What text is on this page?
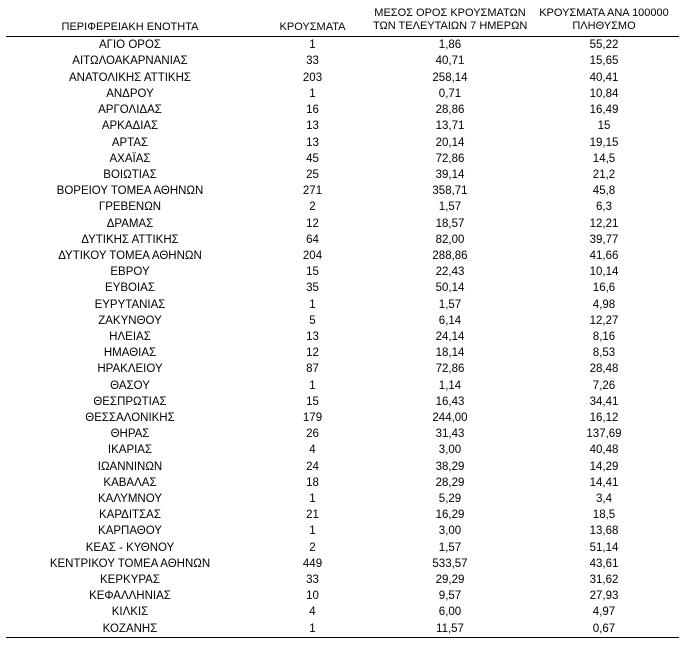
ΠΕΡΙΦΕΡΕΙΑΚΗ ΕΝΟΤΗΤΑ	ΚΡΟΥΣΜΑΤΑ	ΜΕΣΟΣ ΟΡΟΣ ΚΡΟΥΣΜΑΤΩΝ
ΤΩΝ ΤΕΛΕΥΤΑΙΩΝ 7 ΗΜΕΡΩΝ	ΚΡΟΥΣΜΑΤΑ ΑΝΑ 100000
ΠΛΗΘΥΣΜΟ

ΑΓΙΟ ΟΡΟΣ	1	1,86	55,22
ΑΙΤΩΛΟΑΚΑΡΝΑΝΙΑΣ	33	40,71	15,65
ΑΝΑΤΟΛΙΚΗΣ ΑΤΤΙΚΗΣ	203	258,14	40,41
ΑΝΔΡΟΥ	1	0,71	10,84
ΑΡΓΟΛΙΔΑΣ	16	28,86	16,49
ΑΡΚΑΔΙΑΣ	13	13,71	15
ΑΡΤΑΣ	13	20,14	19,15
ΑΧΑΪΑΣ	45	72,86	14,5
ΒΟΙΩΤΙΑΣ	25	39,14	21,2
ΒΟΡΕΙΟΥ ΤΟΜΕΑ ΑΘΗΝΩΝ	271	358,71	45,8
ΓΡΕΒΕΝΩΝ	2	1,57	6,3
ΔΡΑΜΑΣ	12	18,57	12,21
ΔΥΤΙΚΗΣ ΑΤΤΙΚΗΣ	64	82,00	39,77
ΔΥΤΙΚΟΥ ΤΟΜΕΑ ΑΘΗΝΩΝ	204	288,86	41,66
ΕΒΡΟΥ	15	22,43	10,14
ΕΥΒΟΙΑΣ	35	50,14	16,6
ΕΥΡΥΤΑΝΙΑΣ	1	1,57	4,98
ΖΑΚΥΝΘΟΥ	5	6,14	12,27
ΗΛΕΙΑΣ	13	24,14	8,16
ΗΜΑΘΙΑΣ	12	18,14	8,53
ΗΡΑΚΛΕΙΟΥ	87	72,86	28,48
ΘΑΣΟΥ	1	1,14	7,26
ΘΕΣΠΡΩΤΙΑΣ	15	16,43	34,41
ΘΕΣΣΑΛΟΝΙΚΗΣ	179	244,00	16,12
ΘΗΡΑΣ	26	31,43	137,69
ΙΚΑΡΙΑΣ	4	3,00	40,48
ΙΩΑΝΝΙΝΩΝ	24	38,29	14,29
ΚΑΒΑΛΑΣ	18	28,29	14,41
ΚΑΛΥΜΝΟΥ	1	5,29	3,4
ΚΑΡΔΙΤΣΑΣ	21	16,29	18,5
ΚΑΡΠΑΘΟΥ	1	3,00	13,68
ΚΕΑΣ - ΚΥΘΝΟΥ	2	1,57	51,14
ΚΕΝΤΡΙΚΟΥ ΤΟΜΕΑ ΑΘΗΝΩΝ	449	533,57	43,61
ΚΕΡΚΥΡΑΣ	33	29,29	31,62
ΚΕΦΑΛΛΗΝΙΑΣ	10	9,57	27,93
ΚΙΛΚΙΣ	4	6,00	4,97
ΚΟΖΑΝΗΣ	1	11,57	0,67
